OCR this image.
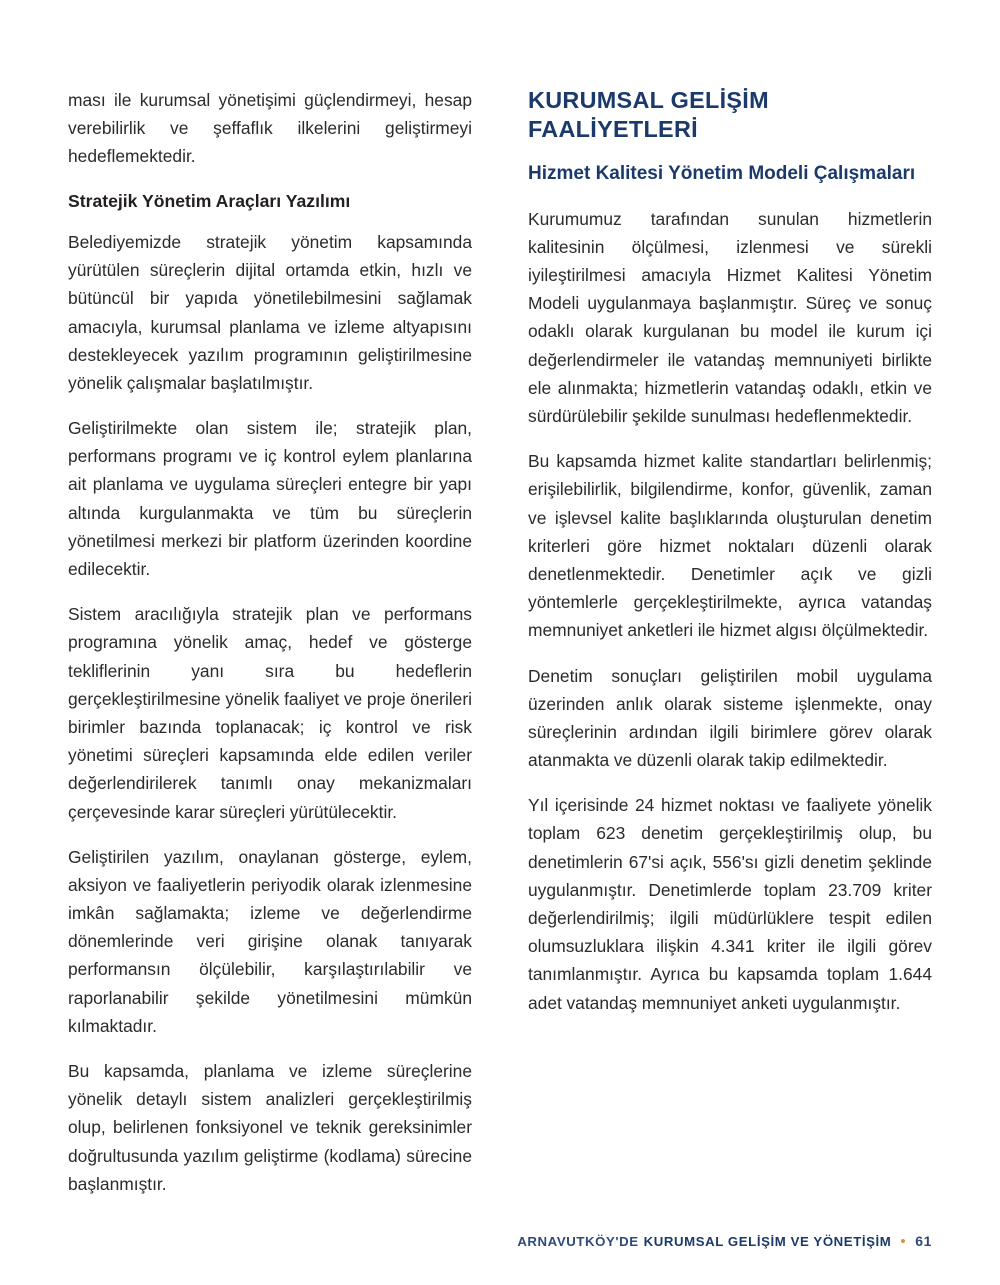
ması ile kurumsal yönetişimi güçlendirmeyi, hesap verebilirlik ve şeffaflık ilkelerini geliştirmeyi hedeflemektedir.

Stratejik Yönetim Araçları Yazılımı

Belediyemizde stratejik yönetim kapsamında yürütülen süreçlerin dijital ortamda etkin, hızlı ve bütüncül bir yapıda yönetilebilmesini sağlamak amacıyla, kurumsal planlama ve izleme altyapısını destekleyecek yazılım programının geliştirilmesine yönelik çalışmalar başlatılmıştır.

Geliştirilmekte olan sistem ile; stratejik plan, performans programı ve iç kontrol eylem planlarına ait planlama ve uygulama süreçleri entegre bir yapı altında kurgulanmakta ve tüm bu süreçlerin yönetilmesi merkezi bir platform üzerinden koordine edilecektir.

Sistem aracılığıyla stratejik plan ve performans programına yönelik amaç, hedef ve gösterge tekliflerinin yanı sıra bu hedeflerin gerçekleştirilmesine yönelik faaliyet ve proje önerileri birimler bazında toplanacak; iç kontrol ve risk yönetimi süreçleri kapsamında elde edilen veriler değerlendirilerek tanımlı onay mekanizmaları çerçevesinde karar süreçleri yürütülecektir.

Geliştirilen yazılım, onaylanan gösterge, eylem, aksiyon ve faaliyetlerin periyodik olarak izlenmesine imkân sağlamakta; izleme ve değerlendirme dönemlerinde veri girişine olanak tanıyarak performansın ölçülebilir, karşılaştırılabilir ve raporlanabilir şekilde yönetilmesini mümkün kılmaktadır.

Bu kapsamda, planlama ve izleme süreçlerine yönelik detaylı sistem analizleri gerçekleştirilmiş olup, belirlenen fonksiyonel ve teknik gereksinimler doğrultusunda yazılım geliştirme (kodlama) sürecine başlanmıştır.

KURUMSAL GELİŞİM FAALİYETLERİ
Hizmet Kalitesi Yönetim Modeli Çalışmaları

Kurumumuz tarafından sunulan hizmetlerin kalitesinin ölçülmesi, izlenmesi ve sürekli iyileştirilmesi amacıyla Hizmet Kalitesi Yönetim Modeli uygulanmaya başlanmıştır. Süreç ve sonuç odaklı olarak kurgulanan bu model ile kurum içi değerlendirmeler ile vatandaş memnuniyeti birlikte ele alınmakta; hizmetlerin vatandaş odaklı, etkin ve sürdürülebilir şekilde sunulması hedeflenmektedir.

Bu kapsamda hizmet kalite standartları belirlenmiş; erişilebilirlik, bilgilendirme, konfor, güvenlik, zaman ve işlevsel kalite başlıklarında oluşturulan denetim kriterleri göre hizmet noktaları düzenli olarak denetlenmektedir. Denetimler açık ve gizli yöntemlerle gerçekleştirilmekte, ayrıca vatandaş memnuniyet anketleri ile hizmet algısı ölçülmektedir.

Denetim sonuçları geliştirilen mobil uygulama üzerinden anlık olarak sisteme işlenmekte, onay süreçlerinin ardından ilgili birimlere görev olarak atanmakta ve düzenli olarak takip edilmektedir.

Yıl içerisinde 24 hizmet noktası ve faaliyete yönelik toplam 623 denetim gerçekleştirilmiş olup, bu denetimlerin 67'si açık, 556'sı gizli denetim şeklinde uygulanmıştır. Denetimlerde toplam 23.709 kriter değerlendirilmiş; ilgili müdürlüklere tespit edilen olumsuzluklara ilişkin 4.341 kriter ile ilgili görev tanımlanmıştır. Ayrıca bu kapsamda toplam 1.644 adet vatandaş memnuniyet anketi uygulanmıştır.

ARNAVUTKÖY'DE KURUMSAL GELİŞİM VE YÖNETİŞİM • 61
